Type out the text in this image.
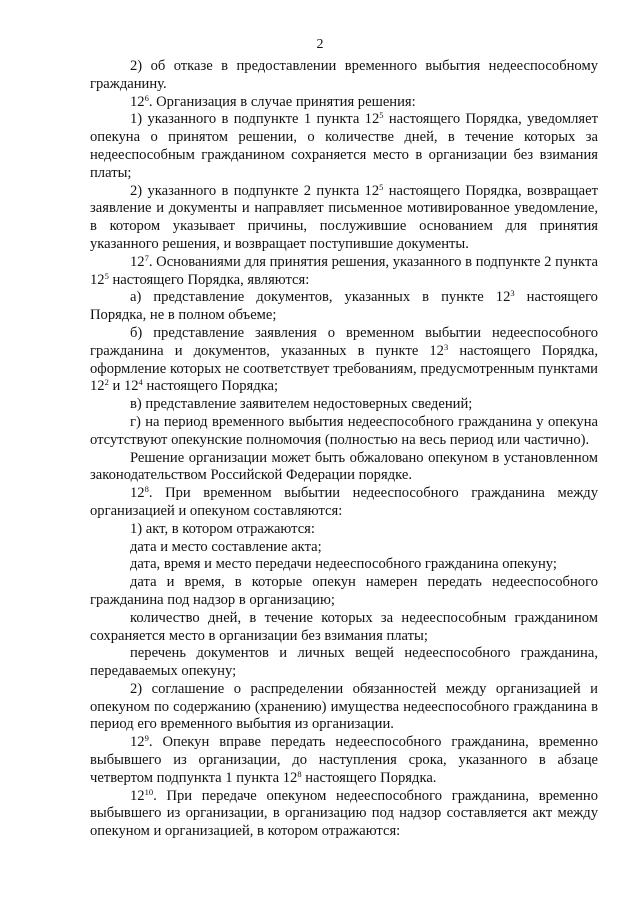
2

2) об отказе в предоставлении временного выбытия недееспособному гражданину.

$12^6$. Организация в случае принятия решения:

1) указанного в подпункте 1 пункта $12^5$ настоящего Порядка, уведомляет опекуна о принятом решении, о количестве дней, в течение которых за недееспособным гражданином сохраняется место в организации без взимания платы;

2) указанного в подпункте 2 пункта $12^5$ настоящего Порядка, возвращает заявление и документы и направляет письменное мотивированное уведомление, в котором указывает причины, послужившие основанием для принятия указанного решения, и возвращает поступившие документы.

$12^7$. Основаниями для принятия решения, указанного в подпункте 2 пункта $12^5$ настоящего Порядка, являются:

а) представление документов, указанных в пункте $12^3$ настоящего Порядка, не в полном объеме;

б) представление заявления о временном выбытии недееспособного гражданина и документов, указанных в пункте $12^3$ настоящего Порядка, оформление которых не соответствует требованиям, предусмотренным пунктами $12^2$ и $12^4$ настоящего Порядка;

в) представление заявителем недостоверных сведений;

г) на период временного выбытия недееспособного гражданина у опекуна отсутствуют опекунские полномочия (полностью на весь период или частично).

Решение организации может быть обжаловано опекуном в установленном законодательством Российской Федерации порядке.

$12^8$. При временном выбытии недееспособного гражданина между организацией и опекуном составляются:

1) акт, в котором отражаются:

дата и место составление акта;

дата, время и место передачи недееспособного гражданина опекуну;

дата и время, в которые опекун намерен передать недееспособного гражданина под надзор в организацию;

количество дней, в течение которых за недееспособным гражданином сохраняется место в организации без взимания платы;

перечень документов и личных вещей недееспособного гражданина, передаваемых опекуну;

2) соглашение о распределении обязанностей между организацией и опекуном по содержанию (хранению) имущества недееспособного гражданина в период его временного выбытия из организации.

$12^9$. Опекун вправе передать недееспособного гражданина, временно выбывшего из организации, до наступления срока, указанного в абзаце четвертом подпункта 1 пункта $12^8$ настоящего Порядка.

$12^{10}$. При передаче опекуном недееспособного гражданина, временно выбывшего из организации, в организацию под надзор составляется акт между опекуном и организацией, в котором отражаются:
